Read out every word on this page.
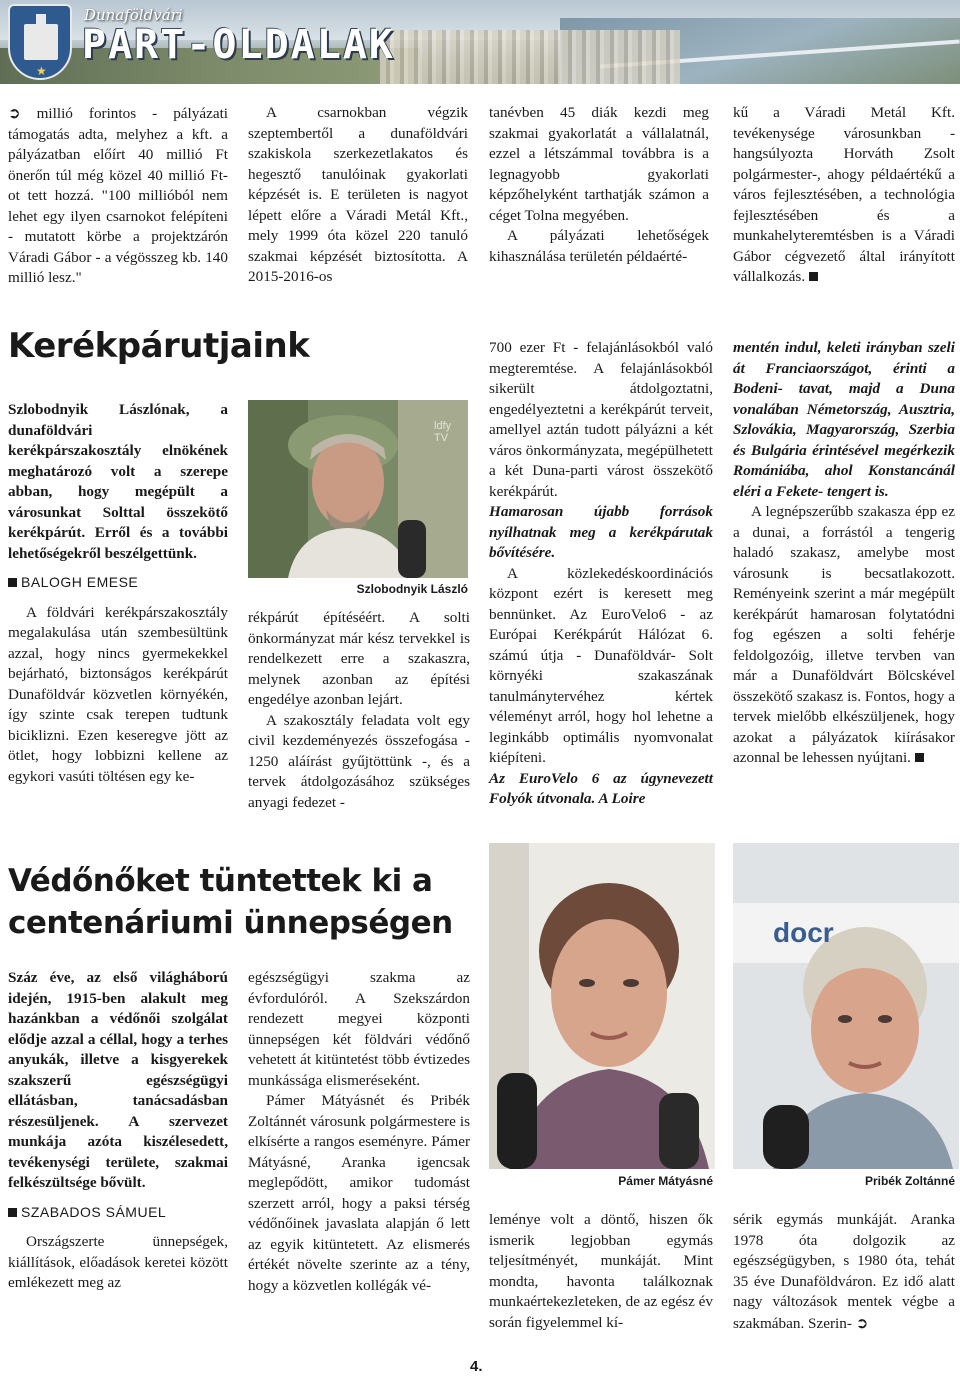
★
Dunaföldvári
PART-OLDALAK

➲ millió forintos - pályázati támogatás adta, melyhez a kft. a pályázatban előírt 40 millió Ft önerőn túl még közel 40 millió Ft-ot tett hozzá. "100 millióból nem lehet egy ilyen csarnokot felépíteni - mutatott körbe a projektzárón Váradi Gábor - a végösszeg kb. 140 millió lesz."

A csarnokban végzik szeptembertől a dunaföldvári szakiskola szerkezetlakatos és hegesztő tanulóinak gyakorlati képzését is. E területen is nagyot lépett előre a Váradi Metál Kft., mely 1999 óta közel 220 tanuló szakmai képzését biztosította. A 2015-2016-os

tanévben 45 diák kezdi meg szakmai gyakorlatát a vállalatnál, ezzel a létszámmal továbbra is a legnagyobb gyakorlati képzőhelyként tarthatják számon a céget Tolna megyében.

A pályázati lehetőségek kihasználása területén példaérté-

kű a Váradi Metál Kft. tevékenysége városunkban - hangsúlyozta Horváth Zsolt polgármester-, ahogy példaértékű a város fejlesztésében, a technológia fejlesztésében és a munkahelyteremtésben is a Váradi Gábor cégvezető által irányított vállalkozás.

Kerékpárutjaink

Szlobodnyik Lászlónak, a dunaföldvári kerékpárszakosztály elnökének meghatározó volt a szerepe abban, hogy megépült a városunkat Solttal összekötő kerékpárút. Erről és a további lehetőségekről beszélgettünk.

BALOGH EMESE

A földvári kerékpárszakosztály megalakulása után szembesültünk azzal, hogy nincs gyermekekkel bejárható, biztonságos kerékpárút Dunaföldvár közvetlen környékén, így szinte csak terepen tudtunk biciklizni. Ezen keseregve jött az ötlet, hogy lobbizni kellene az egykori vasúti töltésen egy ke-

ldfy TV
Szlobodnyik László

rékpárút építéséért. A solti önkormányzat már kész tervekkel is rendelkezett erre a szakaszra, melynek azonban az építési engedélye azonban lejárt.

A szakosztály feladata volt egy civil kezdeményezés összefogása - 1250 aláírást gyűjtöttünk -, és a tervek átdolgozásához szükséges anyagi fedezet -

700 ezer Ft - felajánlásokból való megteremtése. A felajánlásokból sikerült átdolgoztatni, engedélyeztetni a kerékpárút terveit, amellyel aztán tudott pályázni a két város önkormányzata, megépülhetett a két Duna-parti várost összekötő kerékpárút.

Hamarosan újabb források nyílhatnak meg a kerékpárutak bővítésére.

A közlekedéskoordinációs központ ezért is keresett meg bennünket. Az EuroVelo6 - az Európai Kerékpárút Hálózat 6. számú útja - Dunaföldvár- Solt környéki szakaszának tanulmánytervéhez kértek véleményt arról, hogy hol lehetne a leginkább optimális nyomvonalat kiépíteni.

Az EuroVelo 6 az úgynevezett Folyók útvonala. A Loire

mentén indul, keleti irányban szeli át Franciaországot, érinti a Bodeni- tavat, majd a Duna vonalában Németország, Ausztria, Szlovákia, Magyarország, Szerbia és Bulgária érintésével megérkezik Romániába, ahol Konstancánál eléri a Fekete- tengert is.

A legnépszerűbb szakasza épp ez a dunai, a forrástól a tengerig haladó szakasz, amelybe most városunk is becsatlakozott. Reményeink szerint a már megépült kerékpárút hamarosan folytatódni fog egészen a solti fehérje feldolgozóig, illetve tervben van már a Dunaföldvárt Bölcskével összekötő szakasz is. Fontos, hogy a tervek mielőbb elkészüljenek, hogy azokat a pályázatok kiírásakor azonnal be lehessen nyújtani.

Védőnőket tüntettek ki a
centenáriumi ünnepségen

Száz éve, az első világháború idején, 1915-ben alakult meg hazánkban a védőnői szolgálat elődje azzal a céllal, hogy a terhes anyukák, illetve a kisgyerekek szakszerű egészségügyi ellátásban, tanácsadásban részesüljenek. A szervezet munkája azóta kiszélesedett, tevékenységi területe, szakmai felkészültsége bővült.

SZABADOS SÁMUEL

Országszerte ünnepségek, kiállítások, előadások keretei között emlékezett meg az

egészségügyi szakma az évfordulóról. A Szekszárdon rendezett megyei központi ünnepségen két földvári védőnő vehetett át kitüntetést több évtizedes munkássága elismeréseként.

Pámer Mátyásnét és Pribék Zoltánnét városunk polgármestere is elkísérte a rangos eseményre. Pámer Mátyásné, Aranka igencsak meglepődött, amikor tudomást szerzett arról, hogy a paksi térség védőnőinek javaslata alapján ő lett az egyik kitüntetett. Az elismerés értékét növelte szerinte az a tény, hogy a közvetlen kollégák vé-

Pámer Mátyásné
docr
Pribék Zoltánné

leménye volt a döntő, hiszen ők ismerik legjobban egymás teljesítményét, munkáját. Mint mondta, havonta találkoznak munkaértekezleteken, de az egész év során figyelemmel kí-

sérik egymás munkáját. Aranka 1978 óta dolgozik az egészségügyben, s 1980 óta, tehát 35 éve Dunaföldváron. Ez idő alatt nagy változások mentek végbe a szakmában. Szerin- ➲

4.
